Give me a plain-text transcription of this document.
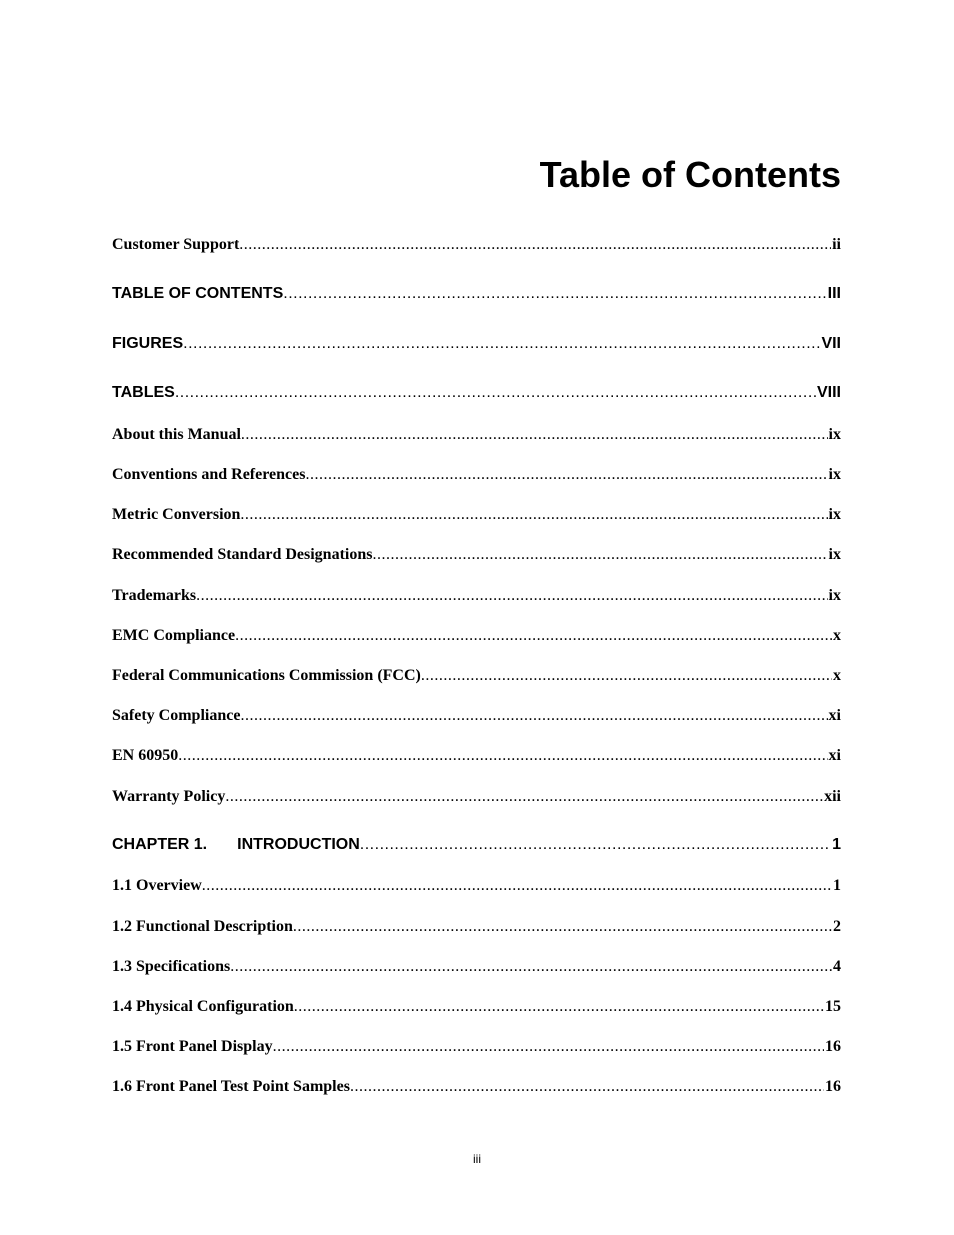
Table of Contents
Customer Support .....	ii
TABLE OF CONTENTS .....	III
FIGURES .....	VII
TABLES .....	VIII
About this Manual .....	ix
Conventions and References .....	ix
Metric Conversion .....	ix
Recommended Standard Designations .....	ix
Trademarks .....	ix
EMC Compliance .....	x
Federal Communications Commission (FCC) .....	x
Safety Compliance .....	xi
EN 60950 .....	xi
Warranty Policy .....	xii
CHAPTER 1. INTRODUCTION .....	1
1.1 Overview .....	1
1.2 Functional Description .....	2
1.3 Specifications .....	4
1.4 Physical Configuration .....	15
1.5 Front Panel Display .....	16
1.6 Front Panel Test Point Samples .....	16
iii
